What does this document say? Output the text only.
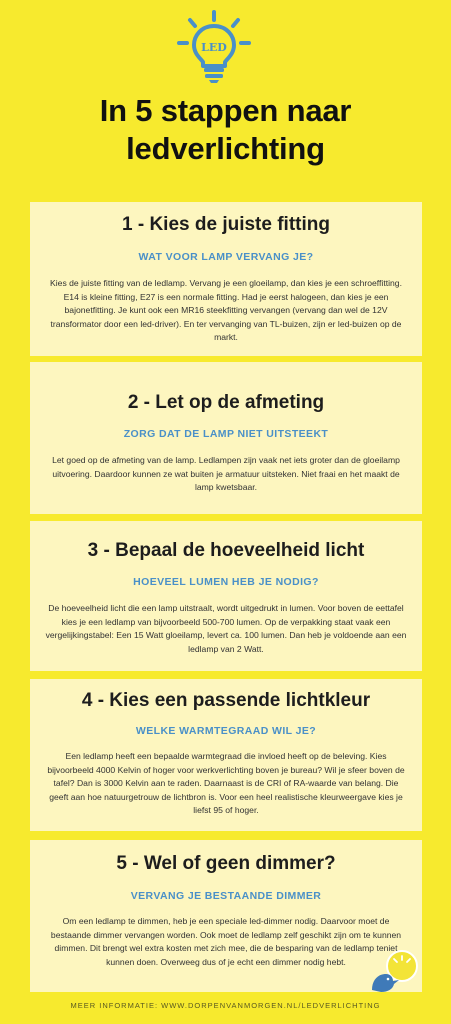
LED
In 5 stappen naar
ledverlichting
1 - Kies de juiste fitting
WAT VOOR LAMP VERVANG JE?

Kies de juiste fitting van de ledlamp. Vervang je een gloeilamp, dan kies je een schroeffitting. E14 is kleine fitting, E27 is een normale fitting. Had je eerst halogeen, dan kies je een bajonetfitting. Je kunt ook een MR16 steekfitting vervangen (vervang dan wel de 12V transformator door een led-driver). En ter vervanging van TL-buizen, zijn er led-buizen op de markt.

2 - Let op de afmeting
ZORG DAT DE LAMP NIET UITSTEEKT

Let goed op de afmeting van de lamp. Ledlampen zijn vaak net iets groter dan de gloeilamp uitvoering. Daardoor kunnen ze wat buiten je armatuur uitsteken. Niet fraai en het maakt de lamp kwetsbaar.

3 - Bepaal de hoeveelheid licht
HOEVEEL LUMEN HEB JE NODIG?

De hoeveelheid licht die een lamp uitstraalt, wordt uitgedrukt in lumen. Voor boven de eettafel kies je een ledlamp van bijvoorbeeld 500-700 lumen. Op de verpakking staat vaak een vergelijkingstabel: Een 15 Watt gloeilamp, levert ca. 100 lumen. Dan heb je voldoende aan een ledlamp van 2 Watt.

4 - Kies een passende lichtkleur
WELKE WARMTEGRAAD WIL JE?

Een ledlamp heeft een bepaalde warmtegraad die invloed heeft op de beleving. Kies bijvoorbeeld 4000 Kelvin of hoger voor werkverlichting boven je bureau? Wil je sfeer boven de tafel? Dan is 3000 Kelvin aan te raden. Daarnaast is de CRI of RA-waarde van belang. Die geeft aan hoe natuurgetrouw de lichtbron is. Voor een heel realistische kleurweergave kies je liefst 95 of hoger.

5 - Wel of geen dimmer?
VERVANG JE BESTAANDE DIMMER

Om een ledlamp te dimmen, heb je een speciale led-dimmer nodig. Daarvoor moet de bestaande dimmer vervangen worden. Ook moet de ledlamp zelf geschikt zijn om te kunnen dimmen. Dit brengt wel extra kosten met zich mee, die de besparing van de ledlamp teniet kunnen doen. Overweeg dus of je echt een dimmer nodig hebt.

MEER INFORMATIE: WWW.DORPENVANMORGEN.NL/LEDVERLICHTING
